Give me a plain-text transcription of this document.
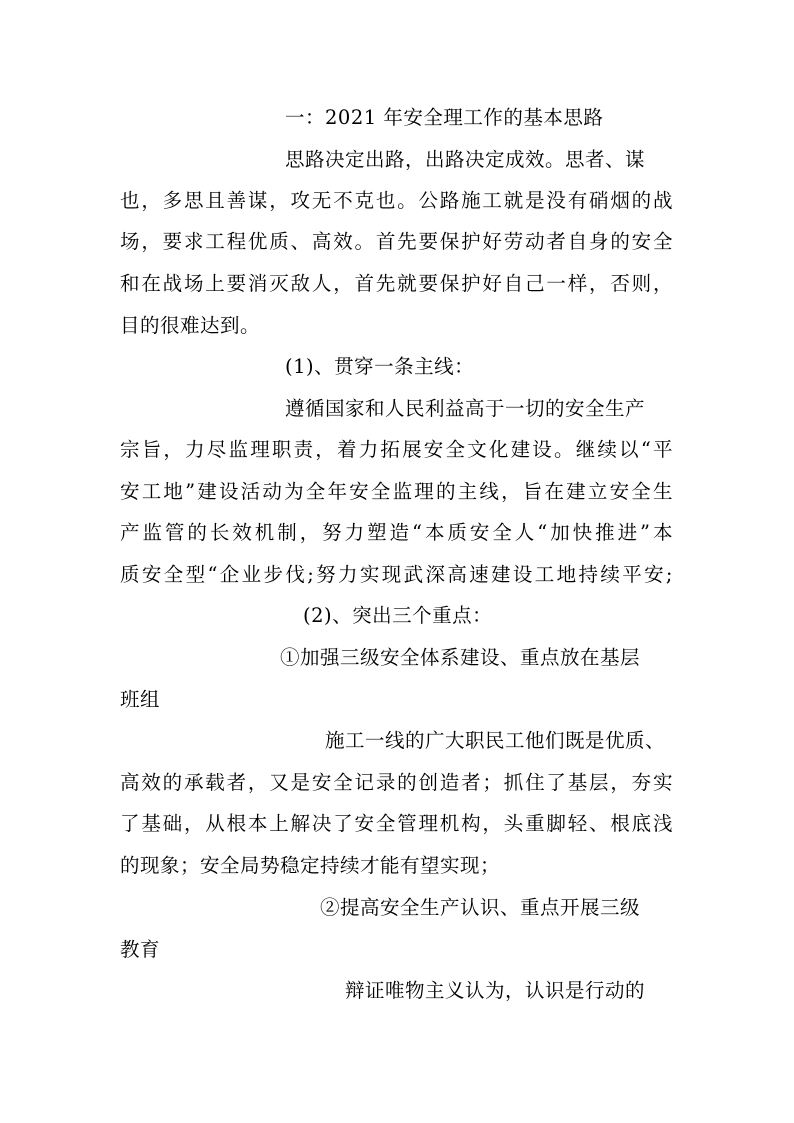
一：2021 年安全理工作的基本思路
思路决定出路，出路决定成效。思者、谋
也，多思且善谋，攻无不克也。公路施工就是没有硝烟的战
场，要求工程优质、高效。首先要保护好劳动者自身的安全
和在战场上要消灭敌人，首先就要保护好自己一样，否则，
目的很难达到。
(1)、贯穿一条主线：
遵循国家和人民利益高于一切的安全生产
宗旨，力尽监理职责，着力拓展安全文化建设。继续以“平
安工地”建设活动为全年安全监理的主线，旨在建立安全生
产监管的长效机制，努力塑造“本质安全人“加快推进”本
质安全型“企业步伐;努力实现武深高速建设工地持续平安;
(2)、突出三个重点：
①加强三级安全体系建设、重点放在基层
班组
施工一线的广大职民工他们既是优质、
高效的承载者，又是安全记录的创造者；抓住了基层，夯实
了基础，从根本上解决了安全管理机构，头重脚轻、根底浅
的现象；安全局势稳定持续才能有望实现；
②提高安全生产认识、重点开展三级
教育
辩证唯物主义认为，认识是行动的
